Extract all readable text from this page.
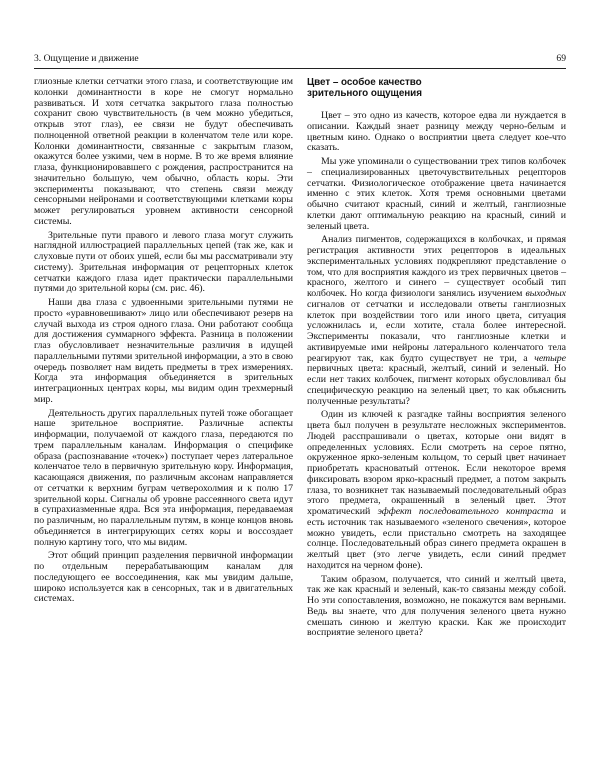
3. Ощущение и движение	69

глиозные клетки сетчатки этого глаза, и соответствующие им колонки доминантности в коре не смогут нормально развиваться. И хотя сетчатка закрытого глаза полностью сохранит свою чувствительность (в чем можно убедиться, открыв этот глаз), ее связи не будут обеспечивать полноценной ответной реакции в коленчатом теле или коре. Колонки доминантности, связанные с закрытым глазом, окажутся более узкими, чем в норме. В то же время влияние глаза, функционировавшего с рождения, распространится на значительно большую, чем обычно, область коры. Эти эксперименты показывают, что степень связи между сенсорными нейронами и соответствующими клетками коры может регулироваться уровнем активности сенсорной системы.

Зрительные пути правого и левого глаза могут служить наглядной иллюстрацией параллельных цепей (так же, как и слуховые пути от обоих ушей, если бы мы рассматривали эту систему). Зрительная информация от рецепторных клеток сетчатки каждого глаза идет практически параллельными путями до зрительной коры (см. рис. 46).

Наши два глаза с удвоенными зрительными путями не просто «уравновешивают» лицо или обеспечивают резерв на случай выхода из строя одного глаза. Они работают сообща для достижения суммарного эффекта. Разница в положении глаз обусловливает незначительные различия в идущей параллельными путями зрительной информации, а это в свою очередь позволяет нам видеть предметы в трех измерениях. Когда эта информация объединяется в зрительных интеграционных центрах коры, мы видим один трехмерный мир.

Деятельность других параллельных путей тоже обогащает наше зрительное восприятие. Различные аспекты информации, получаемой от каждого глаза, передаются по трем параллельным каналам. Информация о специфике образа (распознавание «точек») поступает через латеральное коленчатое тело в первичную зрительную кору. Информация, касающаяся движения, по различным аксонам направляется от сетчатки к верхним буграм четверохолмия и к полю 17 зрительной коры. Сигналы об уровне рассеянного света идут в супрахиазменные ядра. Вся эта информация, передаваемая по различным, но параллельным путям, в конце концов вновь объединяется в интегрирующих сетях коры и воссоздает полную картину того, что мы видим.

Этот общий принцип разделения первичной информации по отдельным перерабатывающим каналам для последующего ее воссоединения, как мы увидим дальше, широко используется как в сенсорных, так и в двигательных системах.

Цвет – особое качество
зрительного ощущения

Цвет – это одно из качеств, которое едва ли нуждается в описании. Каждый знает разницу между черно-белым и цветным кино. Однако о восприятии цвета следует кое-что сказать.

Мы уже упоминали о существовании трех типов колбочек – специализированных цветочувствительных рецепторов сетчатки. Физиологическое отображение цвета начинается именно с этих клеток. Хотя тремя основными цветами обычно считают красный, синий и желтый, ганглиозные клетки дают оптимальную реакцию на красный, синий и зеленый цвета.

Анализ пигментов, содержащихся в колбочках, и прямая регистрация активности этих рецепторов в идеальных экспериментальных условиях подкрепляют представление о том, что для восприятия каждого из трех первичных цветов – красного, желтого и синего – существует особый тип колбочек. Но когда физиологи занялись изучением выходных сигналов от сетчатки и исследовали ответы ганглиозных клеток при воздействии того или иного цвета, ситуация усложнилась и, если хотите, стала более интересной. Эксперименты показали, что ганглиозные клетки и активируемые ими нейроны латерального коленчатого тела реагируют так, как будто существует не три, а четыре первичных цвета: красный, желтый, синий и зеленый. Но если нет таких колбочек, пигмент которых обусловливал бы специфическую реакцию на зеленый цвет, то как объяснить полученные результаты?

Один из ключей к разгадке тайны восприятия зеленого цвета был получен в результате несложных экспериментов. Людей расспрашивали о цветах, которые они видят в определенных условиях. Если смотреть на серое пятно, окруженное ярко-зеленым кольцом, то серый цвет начинает приобретать красноватый оттенок. Если некоторое время фиксировать взором ярко-красный предмет, а потом закрыть глаза, то возникнет так называемый последовательный образ этого предмета, окрашенный в зеленый цвет. Этот хроматический эффект последовательного контраста и есть источник так называемого «зеленого свечения», которое можно увидеть, если пристально смотреть на заходящее солнце. Последовательный образ синего предмета окрашен в желтый цвет (это легче увидеть, если синий предмет находится на черном фоне).

Таким образом, получается, что синий и желтый цвета, так же как красный и зеленый, как-то связаны между собой. Но эти сопоставления, возможно, не покажутся вам верными. Ведь вы знаете, что для получения зеленого цвета нужно смешать синюю и желтую краски. Как же происходит восприятие зеленого цвета?
